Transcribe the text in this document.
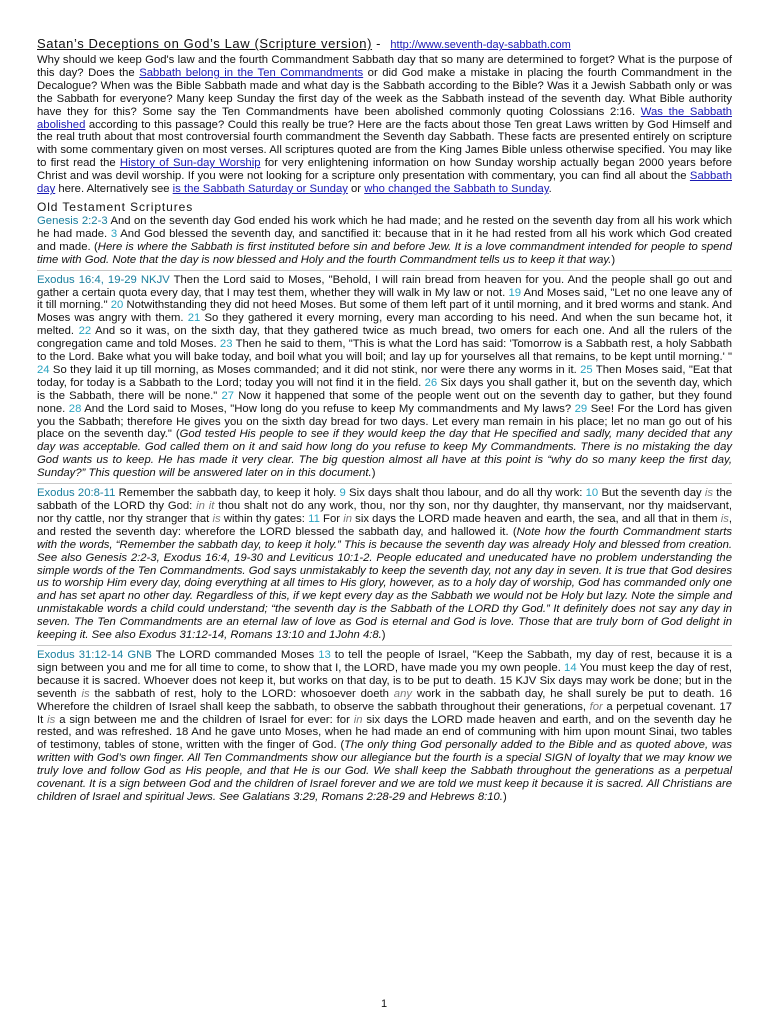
Satan’s Deceptions on God’s Law (Scripture version) - http://www.seventh-day-sabbath.com

Why should we keep God's law and the fourth Commandment Sabbath day that so many are determined to forget? What is the purpose of this day? Does the Sabbath belong in the Ten Commandments or did God make a mistake in placing the fourth Commandment in the Decalogue? When was the Bible Sabbath made and what day is the Sabbath according to the Bible? Was it a Jewish Sabbath only or was the Sabbath for everyone? Many keep Sunday the first day of the week as the Sabbath instead of the seventh day. What Bible authority have they for this? Some say the Ten Commandments have been abolished commonly quoting Colossians 2:16. Was the Sabbath abolished according to this passage? Could this really be true? Here are the facts about those Ten great Laws written by God Himself and the real truth about that most controversial fourth commandment the Seventh day Sabbath. These facts are presented entirely on scripture with some commentary given on most verses. All scriptures quoted are from the King James Bible unless otherwise specified. You may like to first read the History of Sun-day Worship for very enlightening information on how Sunday worship actually began 2000 years before Christ and was devil worship. If you were not looking for a scripture only presentation with commentary, you can find all about the Sabbath day here. Alternatively see is the Sabbath Saturday or Sunday or who changed the Sabbath to Sunday.

Old Testament Scriptures

Genesis 2:2-3 And on the seventh day God ended his work which he had made; and he rested on the seventh day from all his work which he had made. 3 And God blessed the seventh day, and sanctified it: because that in it he had rested from all his work which God created and made. (Here is where the Sabbath is first instituted before sin and before Jew. It is a love commandment intended for people to spend time with God. Note that the day is now blessed and Holy and the fourth Commandment tells us to keep it that way.)

Exodus 16:4, 19-29 NKJV Then the Lord said to Moses, "Behold, I will rain bread from heaven for you. And the people shall go out and gather a certain quota every day, that I may test them, whether they will walk in My law or not. 19 And Moses said, "Let no one leave any of it till morning." 20 Notwithstanding they did not heed Moses. But some of them left part of it until morning, and it bred worms and stank. And Moses was angry with them. 21 So they gathered it every morning, every man according to his need. And when the sun became hot, it melted. 22 And so it was, on the sixth day, that they gathered twice as much bread, two omers for each one. And all the rulers of the congregation came and told Moses. 23 Then he said to them, "This is what the Lord has said: 'Tomorrow is a Sabbath rest, a holy Sabbath to the Lord. Bake what you will bake today, and boil what you will boil; and lay up for yourselves all that remains, to be kept until morning.' " 24 So they laid it up till morning, as Moses commanded; and it did not stink, nor were there any worms in it. 25 Then Moses said, "Eat that today, for today is a Sabbath to the Lord; today you will not find it in the field. 26 Six days you shall gather it, but on the seventh day, which is the Sabbath, there will be none." 27 Now it happened that some of the people went out on the seventh day to gather, but they found none. 28 And the Lord said to Moses, "How long do you refuse to keep My commandments and My laws? 29 See! For the Lord has given you the Sabbath; therefore He gives you on the sixth day bread for two days. Let every man remain in his place; let no man go out of his place on the seventh day." (God tested His people to see if they would keep the day that He specified and sadly, many decided that any day was acceptable. God called them on it and said how long do you refuse to keep My Commandments. There is no mistaking the day God wants us to keep. He has made it very clear. The big question almost all have at this point is “why do so many keep the first day, Sunday?” This question will be answered later on in this document.)

Exodus 20:8-11 Remember the sabbath day, to keep it holy. 9 Six days shalt thou labour, and do all thy work: 10 But the seventh day is the sabbath of the LORD thy God: in it thou shalt not do any work, thou, nor thy son, nor thy daughter, thy manservant, nor thy maidservant, nor thy cattle, nor thy stranger that is within thy gates: 11 For in six days the LORD made heaven and earth, the sea, and all that in them is, and rested the seventh day: wherefore the LORD blessed the sabbath day, and hallowed it. (Note how the fourth Commandment starts with the words, “Remember the sabbath day, to keep it holy.” This is because the seventh day was already Holy and blessed from creation. See also Genesis 2:2-3, Exodus 16:4, 19-30 and Leviticus 10:1-2. People educated and uneducated have no problem understanding the simple words of the Ten Commandments. God says unmistakably to keep the seventh day, not any day in seven. It is true that God desires us to worship Him every day, doing everything at all times to His glory, however, as to a holy day of worship, God has commanded only one and has set apart no other day. Regardless of this, if we kept every day as the Sabbath we would not be Holy but lazy. Note the simple and unmistakable words a child could understand; “the seventh day is the Sabbath of the LORD thy God.” It definitely does not say any day in seven. The Ten Commandments are an eternal law of love as God is eternal and God is love. Those that are truly born of God delight in keeping it. See also Exodus 31:12-14, Romans 13:10 and 1John 4:8.)

Exodus 31:12-14 GNB The LORD commanded Moses 13 to tell the people of Israel, "Keep the Sabbath, my day of rest, because it is a sign between you and me for all time to come, to show that I, the LORD, have made you my own people. 14 You must keep the day of rest, because it is sacred. Whoever does not keep it, but works on that day, is to be put to death. 15 KJV Six days may work be done; but in the seventh is the sabbath of rest, holy to the LORD: whosoever doeth any work in the sabbath day, he shall surely be put to death. 16 Wherefore the children of Israel shall keep the sabbath, to observe the sabbath throughout their generations, for a perpetual covenant. 17 It is a sign between me and the children of Israel for ever: for in six days the LORD made heaven and earth, and on the seventh day he rested, and was refreshed. 18 And he gave unto Moses, when he had made an end of communing with him upon mount Sinai, two tables of testimony, tables of stone, written with the finger of God. (The only thing God personally added to the Bible and as quoted above, was written with God’s own finger. All Ten Commandments show our allegiance but the fourth is a special SIGN of loyalty that we may know we truly love and follow God as His people, and that He is our God. We shall keep the Sabbath throughout the generations as a perpetual covenant. It is a sign between God and the children of Israel forever and we are told we must keep it because it is sacred. All Christians are children of Israel and spiritual Jews. See Galatians 3:29, Romans 2:28-29 and Hebrews 8:10.)

1
